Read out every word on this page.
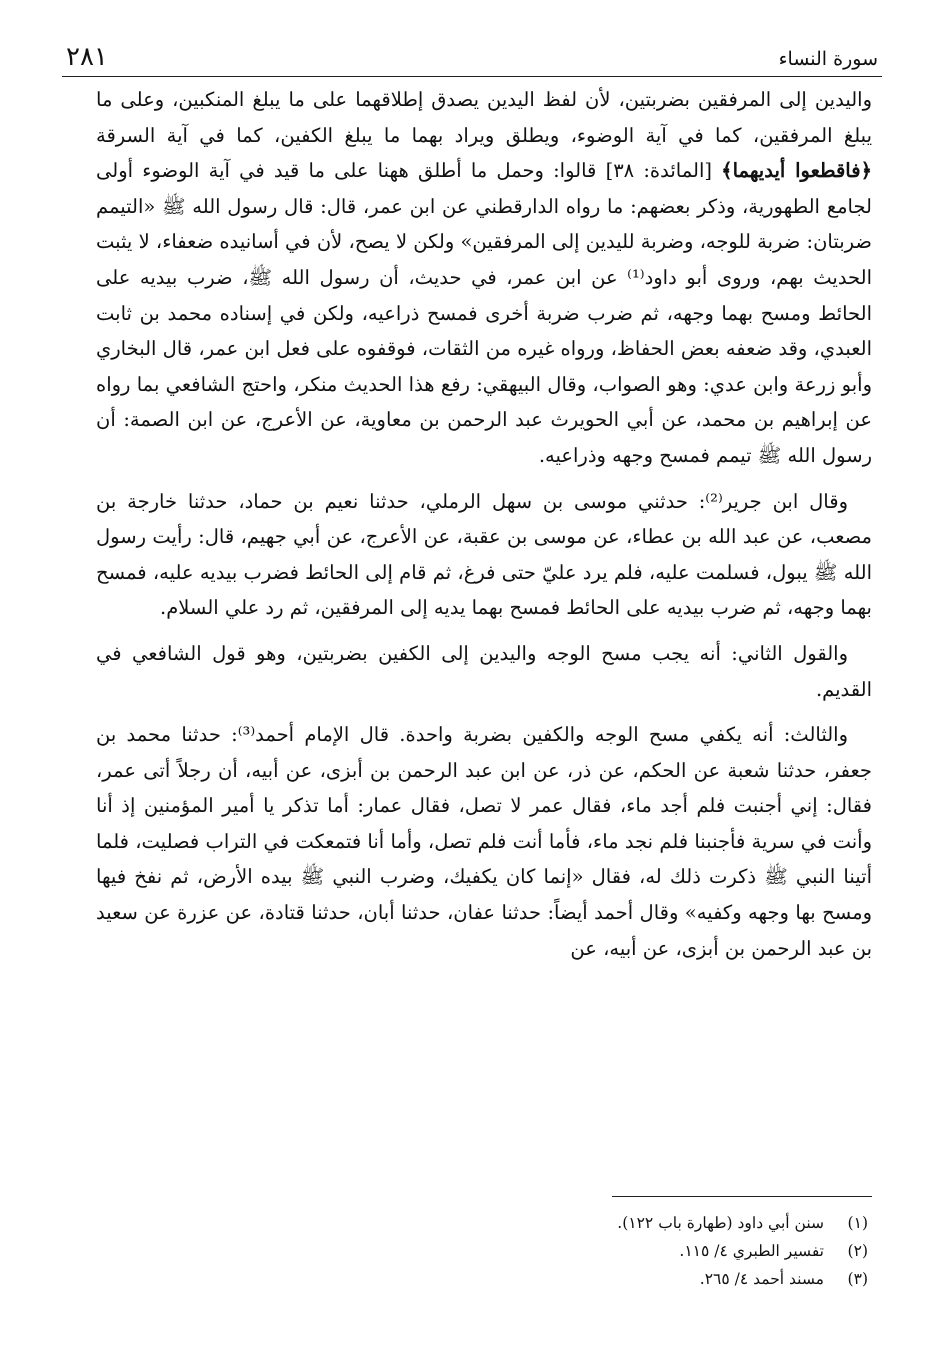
سورة النساء
٢٨١

واليدين إلى المرفقين بضربتين، لأن لفظ اليدين يصدق إطلاقهما على ما يبلغ المنكبين، وعلى ما يبلغ المرفقين، كما في آية الوضوء، ويطلق ويراد بهما ما يبلغ الكفين، كما في آية السرقة ﴿فاقطعوا أيديهما﴾ [المائدة: ٣٨] قالوا: وحمل ما أطلق ههنا على ما قيد في آية الوضوء أولى لجامع الطهورية، وذكر بعضهم: ما رواه الدارقطني عن ابن عمر، قال: قال رسول الله ﷺ «التيمم ضربتان: ضربة للوجه، وضربة لليدين إلى المرفقين» ولكن لا يصح، لأن في أسانيده ضعفاء، لا يثبت الحديث بهم، وروى أبو داود⁽¹⁾ عن ابن عمر، في حديث، أن رسول الله ﷺ، ضرب بيديه على الحائط ومسح بهما وجهه، ثم ضرب ضربة أخرى فمسح ذراعيه، ولكن في إسناده محمد بن ثابت العبدي، وقد ضعفه بعض الحفاظ، ورواه غيره من الثقات، فوقفوه على فعل ابن عمر، قال البخاري وأبو زرعة وابن عدي: وهو الصواب، وقال البيهقي: رفع هذا الحديث منكر، واحتج الشافعي بما رواه عن إبراهيم بن محمد، عن أبي الحويرث عبد الرحمن بن معاوية، عن الأعرج، عن ابن الصمة: أن رسول الله ﷺ تيمم فمسح وجهه وذراعيه.

وقال ابن جرير⁽²⁾: حدثني موسى بن سهل الرملي، حدثنا نعيم بن حماد، حدثنا خارجة بن مصعب، عن عبد الله بن عطاء، عن موسى بن عقبة، عن الأعرج، عن أبي جهيم، قال: رأيت رسول الله ﷺ يبول، فسلمت عليه، فلم يرد عليّ حتى فرغ، ثم قام إلى الحائط فضرب بيديه عليه، فمسح بهما وجهه، ثم ضرب بيديه على الحائط فمسح بهما يديه إلى المرفقين، ثم رد علي السلام.

والقول الثاني: أنه يجب مسح الوجه واليدين إلى الكفين بضربتين، وهو قول الشافعي في القديم.

والثالث: أنه يكفي مسح الوجه والكفين بضربة واحدة. قال الإمام أحمد⁽³⁾: حدثنا محمد بن جعفر، حدثنا شعبة عن الحكم، عن ذر، عن ابن عبد الرحمن بن أبزى، عن أبيه، أن رجلاً أتى عمر، فقال: إني أجنبت فلم أجد ماء، فقال عمر لا تصل، فقال عمار: أما تذكر يا أمير المؤمنين إذ أنا وأنت في سرية فأجنبنا فلم نجد ماء، فأما أنت فلم تصل، وأما أنا فتمعكت في التراب فصليت، فلما أتينا النبي ﷺ ذكرت ذلك له، فقال «إنما كان يكفيك، وضرب النبي ﷺ بيده الأرض، ثم نفخ فيها ومسح بها وجهه وكفيه» وقال أحمد أيضاً: حدثنا عفان، حدثنا أبان، حدثنا قتادة، عن عزرة عن سعيد بن عبد الرحمن بن أبزى، عن أبيه، عن

(١)سنن أبي داود (طهارة باب ١٢٢).
(٢)تفسير الطبري ٤/ ١١٥.
(٣)مسند أحمد ٤/ ٢٦٥.
